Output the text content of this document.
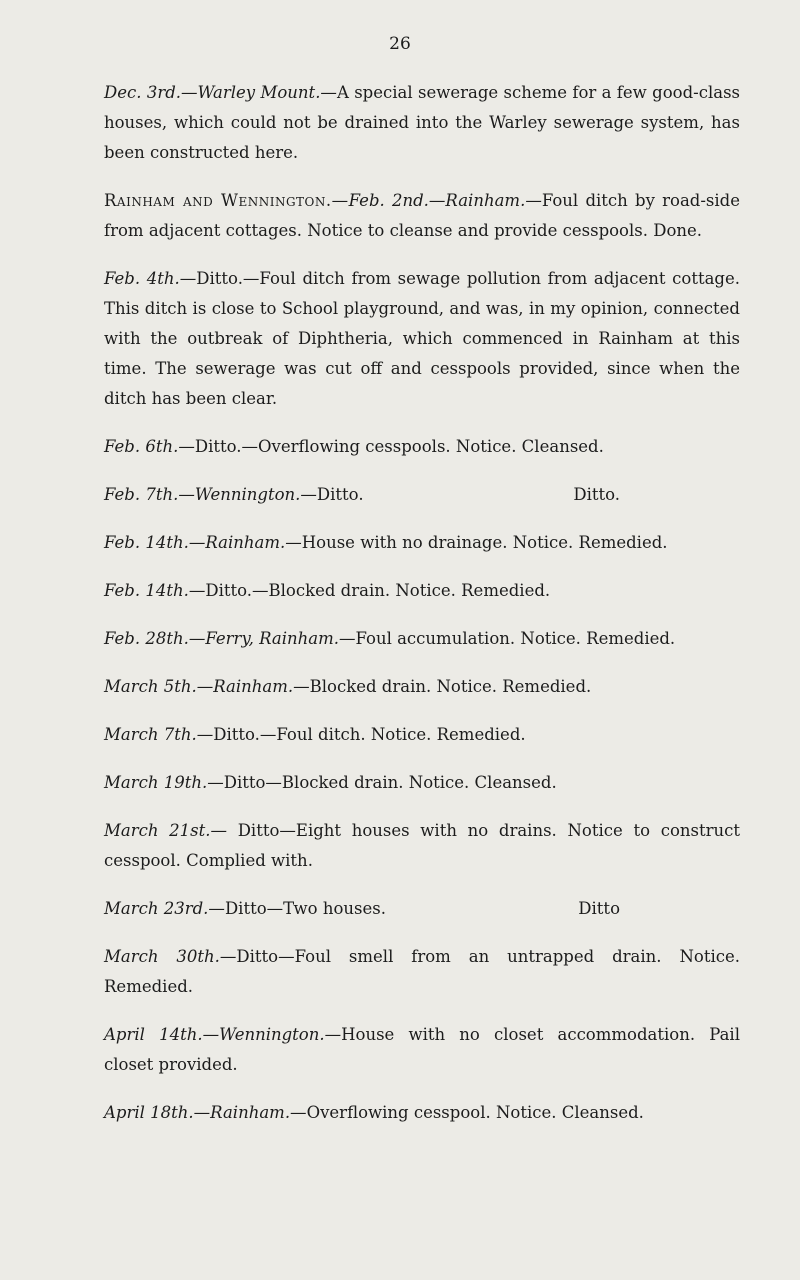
26

Dec. 3rd.—Warley Mount.—A special sewerage scheme for a few good-class houses, which could not be drained into the Warley sewerage system, has been constructed here.

Rainham and Wennington.—Feb. 2nd.—Rainham.—Foul ditch by road-side from adjacent cottages. Notice to cleanse and provide cesspools. Done.

Feb. 4th.—Ditto.—Foul ditch from sewage pollution from adjacent cottage. This ditch is close to School playground, and was, in my opinion, connected with the outbreak of Diphtheria, which commenced in Rainham at this time. The sewerage was cut off and cesspools provided, since when the ditch has been clear.

Feb. 6th.—Ditto.—Overflowing cesspools. Notice. Cleansed.

Feb. 7th.—Wennington.—Ditto.	Ditto.

Feb. 14th.—Rainham.—House with no drainage. Notice. Remedied.

Feb. 14th.—Ditto.—Blocked drain. Notice. Remedied.

Feb. 28th.—Ferry, Rainham.—Foul accumulation. Notice. Remedied.

March 5th.—Rainham.—Blocked drain. Notice. Remedied.

March 7th.—Ditto.—Foul ditch. Notice. Remedied.

March 19th.—Ditto—Blocked drain. Notice. Cleansed.

March 21st.— Ditto—Eight houses with no drains. Notice to construct cesspool. Complied with.

March 23rd.—Ditto—Two houses.	Ditto

March 30th.—Ditto—Foul smell from an untrapped drain. Notice. Remedied.

April 14th.—Wennington.—House with no closet accommodation. Pail closet provided.

April 18th.—Rainham.—Overflowing cesspool. Notice. Cleansed.
